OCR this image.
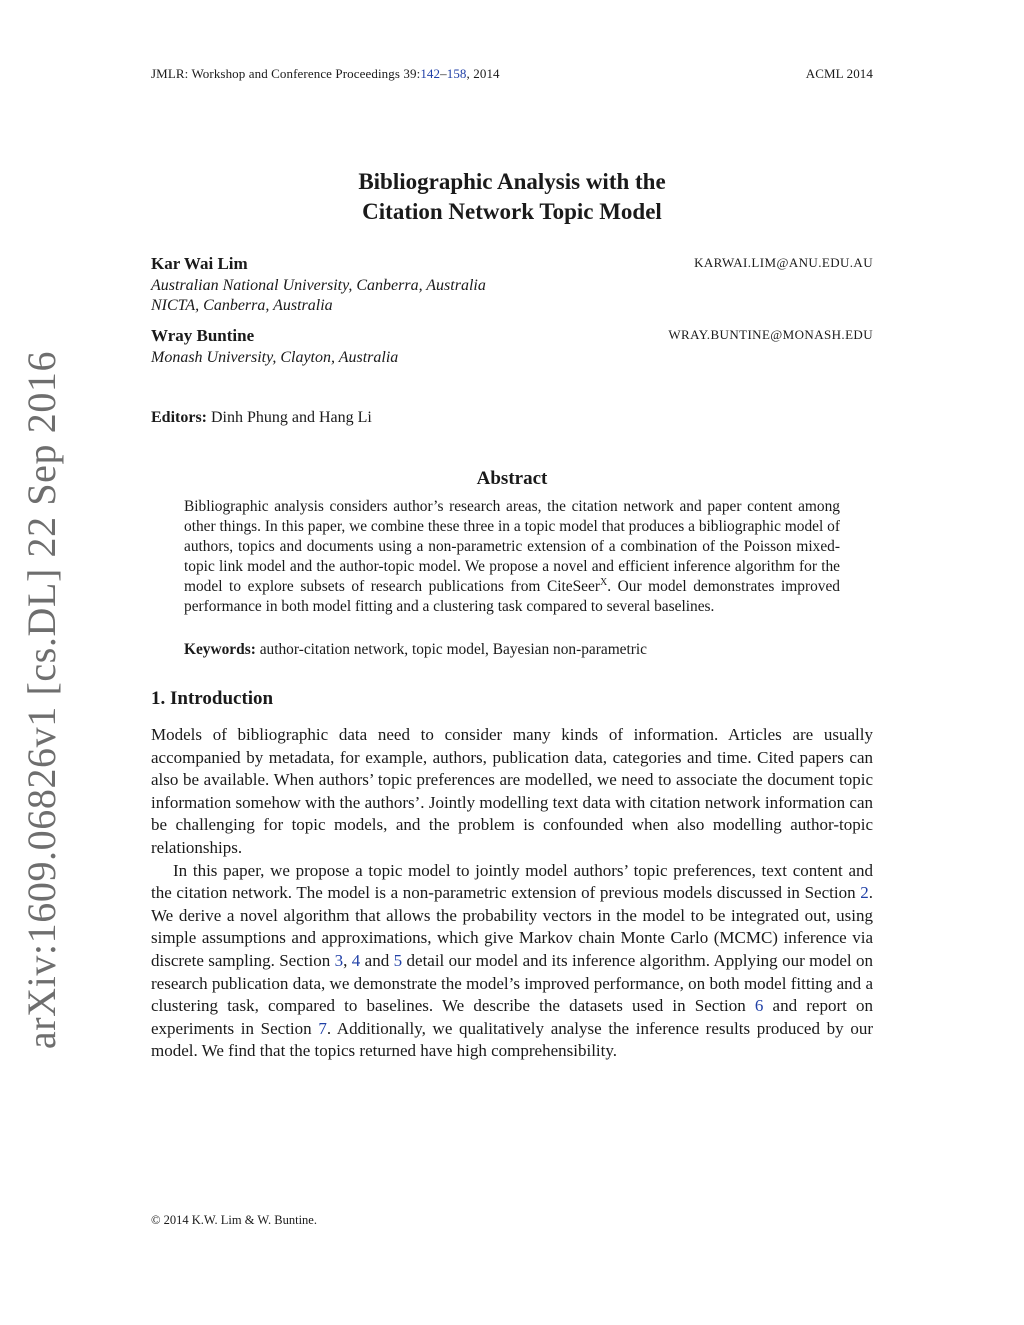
JMLR: Workshop and Conference Proceedings 39:142–158, 2014	ACML 2014
arXiv:1609.06826v1 [cs.DL] 22 Sep 2016
Bibliographic Analysis with the
Citation Network Topic Model
Kar Wai Lim	KARWAI.LIM@ANU.EDU.AU
Australian National University, Canberra, Australia
NICTA, Canberra, Australia
Wray Buntine	WRAY.BUNTINE@MONASH.EDU
Monash University, Clayton, Australia
Editors: Dinh Phung and Hang Li
Abstract
Bibliographic analysis considers author’s research areas, the citation network and paper content among other things. In this paper, we combine these three in a topic model that produces a bibliographic model of authors, topics and documents using a non-parametric extension of a combination of the Poisson mixed-topic link model and the author-topic model. We propose a novel and efficient inference algorithm for the model to explore subsets of research publications from CiteSeer$^X$. Our model demonstrates improved performance in both model fitting and a clustering task compared to several baselines.
Keywords: author-citation network, topic model, Bayesian non-parametric
1. Introduction

Models of bibliographic data need to consider many kinds of information. Articles are usually accompanied by metadata, for example, authors, publication data, categories and time. Cited papers can also be available. When authors’ topic preferences are modelled, we need to associate the document topic information somehow with the authors’. Jointly modelling text data with citation network information can be challenging for topic models, and the problem is confounded when also modelling author-topic relationships.

In this paper, we propose a topic model to jointly model authors’ topic preferences, text content and the citation network. The model is a non-parametric extension of previous models discussed in Section 2. We derive a novel algorithm that allows the probability vectors in the model to be integrated out, using simple assumptions and approximations, which give Markov chain Monte Carlo (MCMC) inference via discrete sampling. Section 3, 4 and 5 detail our model and its inference algorithm. Applying our model on research publication data, we demonstrate the model’s improved performance, on both model fitting and a clustering task, compared to baselines. We describe the datasets used in Section 6 and report on experiments in Section 7. Additionally, we qualitatively analyse the inference results produced by our model. We find that the topics returned have high comprehensibility.

© 2014 K.W. Lim & W. Buntine.
